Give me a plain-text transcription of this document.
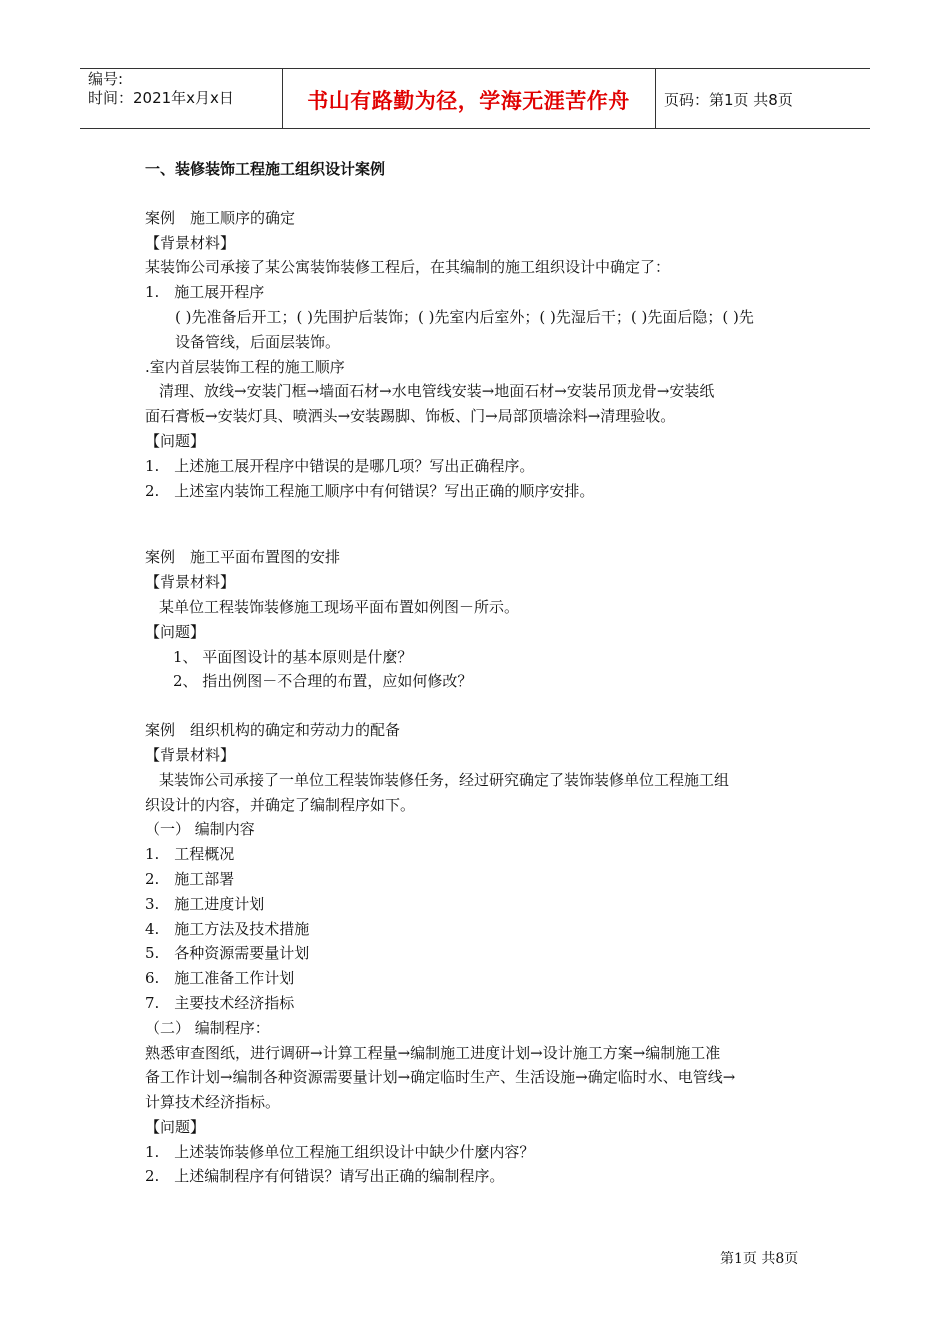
编号:
时间：2021年x月x日	书山有路勤为径，学海无涯苦作舟	页码：第1页 共8页

一、装修装饰工程施工组织设计案例

案例　施工顺序的确定

【背景材料】

某装饰公司承接了某公寓装饰装修工程后，在其编制的施工组织设计中确定了：

1.　施工展开程序

( )先准备后开工；( )先围护后装饰；( )先室内后室外；( )先湿后干；( )先面后隐；( )先

设备管线，后面层装饰。

.室内首层装饰工程的施工顺序

清理、放线→安装门框→墙面石材→水电管线安装→地面石材→安装吊顶龙骨→安装纸

面石膏板→安装灯具、喷洒头→安装踢脚、饰板、门→局部顶墙涂料→清理验收。

【问题】

1.　上述施工展开程序中错误的是哪几项？写出正确程序。

2.　上述室内装饰工程施工顺序中有何错误？写出正确的顺序安排。

案例　施工平面布置图的安排

【背景材料】

某单位工程装饰装修施工现场平面布置如例图－所示。

【问题】

1、 平面图设计的基本原则是什麼？

2、 指出例图－不合理的布置，应如何修改？

案例　组织机构的确定和劳动力的配备

【背景材料】

某装饰公司承接了一单位工程装饰装修任务，经过研究确定了装饰装修单位工程施工组

织设计的内容，并确定了编制程序如下。

（一） 编制内容

1.　工程概况

2.　施工部署

3.　施工进度计划

4.　施工方法及技术措施

5.　各种资源需要量计划

6.　施工准备工作计划

7.　主要技术经济指标

（二） 编制程序：

熟悉审查图纸，进行调研→计算工程量→编制施工进度计划→设计施工方案→编制施工准

备工作计划→编制各种资源需要量计划→确定临时生产、生活设施→确定临时水、电管线→

计算技术经济指标。

【问题】

1.　上述装饰装修单位工程施工组织设计中缺少什麼内容？

2.　上述编制程序有何错误？请写出正确的编制程序。

第1页 共8页
